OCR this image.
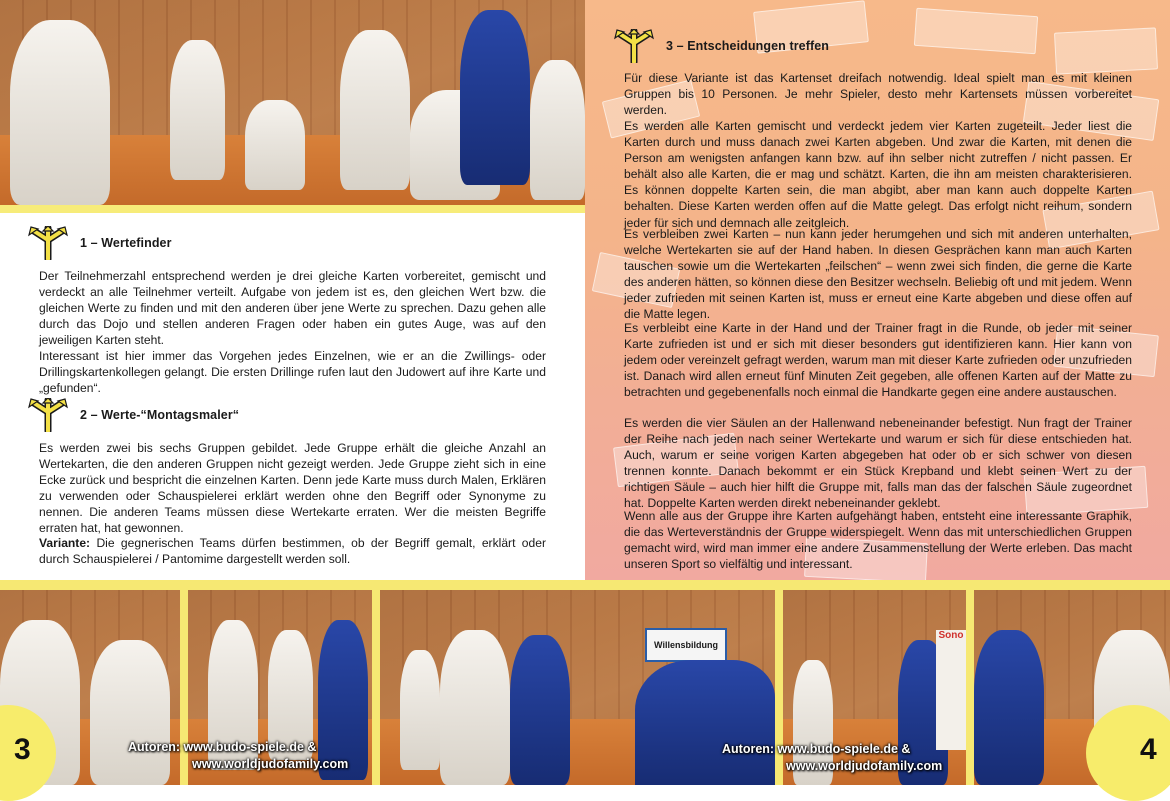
1 – Wertefinder

Der Teilnehmerzahl entsprechend werden je drei gleiche Karten vorbereitet, gemischt und verdeckt an alle Teilnehmer verteilt. Aufgabe von jedem ist es, den gleichen Wert bzw. die gleichen Werte zu finden und mit den anderen über jene Werte zu sprechen. Dazu gehen alle durch das Dojo und stellen anderen Fragen oder haben ein gutes Auge, was auf den jeweiligen Karten steht.

Interessant ist hier immer das Vorgehen jedes Einzelnen, wie er an die Zwillings- oder Drillingskartenkollegen gelangt. Die ersten Drillinge rufen laut den Judowert auf ihre Karte und „gefunden“.

2 – Werte-“Montagsmaler“

Es werden zwei bis sechs Gruppen gebildet. Jede Gruppe erhält die gleiche Anzahl an Wertekarten, die den anderen Gruppen nicht gezeigt werden. Jede Gruppe zieht sich in eine Ecke zurück und bespricht die einzelnen Karten. Denn jede Karte muss durch Malen, Erklären zu verwenden oder Schauspielerei erklärt werden ohne den Begriff oder Synonyme zu nennen. Die anderen Teams müssen diese Wertekarte erraten. Wer die meisten Begriffe erraten hat, hat gewonnen.

Variante: Die gegnerischen Teams dürfen bestimmen, ob der Begriff gemalt, erklärt oder durch Schauspielerei / Pantomime dargestellt werden soll.

3 – Entscheidungen treffen

Für diese Variante ist das Kartenset dreifach notwendig. Ideal spielt man es mit kleinen Gruppen bis 10 Personen. Je mehr Spieler, desto mehr Kartensets müssen vorbereitet werden.

Es werden alle Karten gemischt und verdeckt jedem vier Karten zugeteilt. Jeder liest die Karten durch und muss danach zwei Karten abgeben. Und zwar die Karten, mit denen die Person am wenigsten anfangen kann bzw. auf ihn selber nicht zutreffen / nicht passen. Er behält also alle Karten, die er mag und schätzt. Karten, die ihn am meisten charakterisieren. Es können doppelte Karten sein, die man abgibt, aber man kann auch doppelte Karten behalten. Diese Karten werden offen auf die Matte gelegt. Das erfolgt nicht reihum, sondern jeder für sich und demnach alle zeitgleich.

Es verbleiben zwei Karten – nun kann jeder herumgehen und sich mit anderen unterhalten, welche Wertekarten sie auf der Hand haben. In diesen Gesprächen kann man auch Karten tauschen sowie um die Wertekarten „feilschen“ – wenn zwei sich finden, die gerne die Karte des anderen hätten, so können diese den Besitzer wechseln. Beliebig oft und mit jedem. Wenn jeder zufrieden mit seinen Karten ist, muss er erneut eine Karte abgeben und diese offen auf die Matte legen.

Es verbleibt eine Karte in der Hand und der Trainer fragt in die Runde, ob jeder mit seiner Karte zufrieden ist und er sich mit dieser besonders gut identifizieren kann. Hier kann von jedem oder vereinzelt gefragt werden, warum man mit dieser Karte zufrieden oder unzufrieden ist. Danach wird allen erneut fünf Minuten Zeit gegeben, alle offenen Karten auf der Matte zu betrachten und gegebenenfalls noch einmal die Handkarte gegen eine andere austauschen.

Es werden die vier Säulen an der Hallenwand nebeneinander befestigt. Nun fragt der Trainer der Reihe nach jeden nach seiner Wertekarte und warum er sich für diese entschieden hat. Auch, warum er seine vorigen Karten abgegeben hat oder ob er sich schwer von diesen trennen konnte. Danach bekommt er ein Stück Krepband und klebt seinen Wert zu der richtigen Säule – auch hier hilft die Gruppe mit, falls man das der falschen Säule zugeordnet hat. Doppelte Karten werden direkt nebeneinander geklebt.

Wenn alle aus der Gruppe ihre Karten aufgehängt haben, entsteht eine interessante Graphik, die das Werteverständnis der Gruppe widerspiegelt. Wenn das mit unterschiedlichen Gruppen gemacht wird, wird man immer eine andere Zusammenstellung der Werte erleben. Das macht unseren Sport so vielfältig und interessant.

Willensbildung
Sono
3	4
Autoren: www.budo-spiele.de &
www.worldjudofamily.com
Autoren: www.budo-spiele.de &
www.worldjudofamily.com
